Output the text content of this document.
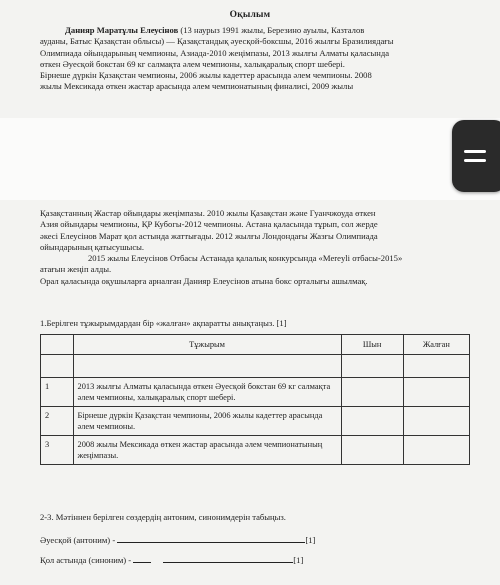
Оқылым
Данияр Маратұлы Елеусінов (13 наурыз 1991 жылы, Березино ауылы, Казталов
ауданы, Батыс Қазақстан облысы) — Қазақстандық әуесқой-боксшы, 2016 жылғы Бразилиядағы
Олимпиада ойындарының чемпионы, Азиада-2010 жеңімпазы, 2013 жылғы Алматы қаласында
өткен Әуесқой бокстан 69 кг салмақта әлем чемпионы, халықаралық спорт шебері.
Бірнеше дүркін Қазақстан чемпионы, 2006 жылы кадеттер арасында әлем чемпионы. 2008
жылы Мексикада өткен жастар арасында әлем чемпионатының финалисі, 2009 жылы
Қазақстанның Жастар ойындары жеңімпазы. 2010 жылы Қазақстан және Гуанчжоуда өткен
Азия ойындары чемпионы, ҚР Кубогы-2012 чемпионы. Астана қаласында тұрып, сол жерде
әкесі Елеусінов Марат қол астында жаттығады. 2012 жылғы Лондондағы Жазғы Олимпиада
ойындарының қатысушысы.
2015 жылы Елеусінов Отбасы Астанада қалалық конкурсында «Mereyli отбасы-2015»
атағын жеңіп алды.
Орал қаласында оқушыларға арналған Данияр Елеусінов атына бокс орталығы ашылмақ.
1.Берілген тұжырымдардан бір «жалған» ақпаратты анықтаңыз. [1]
	Тұжырым	Шын	Жалған

1	2013 жылғы Алматы қаласында өткен Әуесқой бокстан 69 кг салмақта әлем чемпионы, халықаралық спорт шебері.		
2	Бірнеше дүркін Қазақстан чемпионы, 2006 жылы кадеттер арасында әлем чемпионы.		
3	2008 жылы Мексикада өткен жастар арасында әлем чемпионатының жеңімпазы.		
2-3. Мәтіннен берілген сөздердің антоним, синонимдерін табыңыз.
Әуесқой (антоним) -	[1]
Қол астында (синоним) -	[1]
